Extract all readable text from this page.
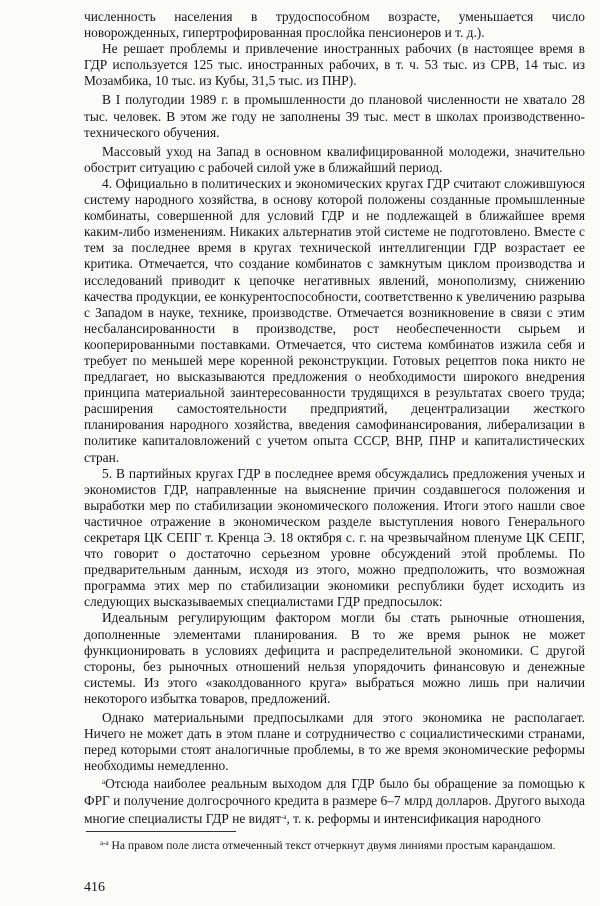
численность населения в трудоспособном возрасте, уменьшается число новорожденных, гипертрофированная прослойка пенсионеров и т. д.).

Не решает проблемы и привлечение иностранных рабочих (в настоящее время в ГДР используется 125 тыс. иностранных рабочих, в т. ч. 53 тыс. из СРВ, 14 тыс. из Мозамбика, 10 тыс. из Кубы, 31,5 тыс. из ПНР).

В I полугодии 1989 г. в промышленности до плановой численности не хватало 28 тыс. человек. В этом же году не заполнены 39 тыс. мест в школах производственно-технического обучения.

Массовый уход на Запад в основном квалифицированной молодежи, значительно обострит ситуацию с рабочей силой уже в ближайший период.

4. Официально в политических и экономических кругах ГДР считают сложившуюся систему народного хозяйства, в основу которой положены созданные промышленные комбинаты, совершенной для условий ГДР и не подлежащей в ближайшее время каким-либо изменениям. Никаких альтернатив этой системе не подготовлено. Вместе с тем за последнее время в кругах технической интеллигенции ГДР возрастает ее критика. Отмечается, что создание комбинатов с замкнутым циклом производства и исследований приводит к цепочке негативных явлений, монополизму, снижению качества продукции, ее конкурентоспособности, соответственно к увеличению разрыва с Западом в науке, технике, производстве. Отмечается возникновение в связи с этим несбалансированности в производстве, рост необеспеченности сырьем и кооперированными поставками. Отмечается, что система комбинатов изжила себя и требует по меньшей мере коренной реконструкции. Готовых рецептов пока никто не предлагает, но высказываются предложения о необходимости широкого внедрения принципа материальной заинтересованности трудящихся в результатах своего труда; расширения самостоятельности предприятий, децентрализации жесткого планирования народного хозяйства, введения самофинансирования, либерализации в политике капиталовложений с учетом опыта СССР, ВНР, ПНР и капиталистических стран.

5. В партийных кругах ГДР в последнее время обсуждались предложения ученых и экономистов ГДР, направленные на выяснение причин создавшегося положения и выработки мер по стабилизации экономического положения. Итоги этого нашли свое частичное отражение в экономическом разделе выступления нового Генерального секретаря ЦК СЕПГ т. Кренца Э. 18 октября с. г. на чрезвычайном пленуме ЦК СЕПГ, что говорит о достаточно серьезном уровне обсуждений этой проблемы. По предварительным данным, исходя из этого, можно предположить, что возможная программа этих мер по стабилизации экономики республики будет исходить из следующих высказываемых специалистами ГДР предпосылок:

Идеальным регулирующим фактором могли бы стать рыночные отношения, дополненные элементами планирования. В то же время рынок не может функционировать в условиях дефицита и распределительной экономики. С другой стороны, без рыночных отношений нельзя упорядочить финансовую и денежные системы. Из этого «заколдованного круга» выбраться можно лишь при наличии некоторого избытка товаров, предложений.

Однако материальными предпосылками для этого экономика не располагает. Ничего не может дать в этом плане и сотрудничество с социалистическими странами, перед которыми стоят аналогичные проблемы, в то же время экономические реформы необходимы немедленно.

$^а$Отсюда наиболее реальным выходом для ГДР было бы обращение за помощью к ФРГ и получение долгосрочного кредита в размере 6–7 млрд долларов. Другого выхода многие специалисты ГДР не видят$^{-а}$, т. к. реформы и интенсификация народного

$^{а-а}$ На правом поле листа отмеченный текст отчеркнут двумя линиями простым карандашом.
416
